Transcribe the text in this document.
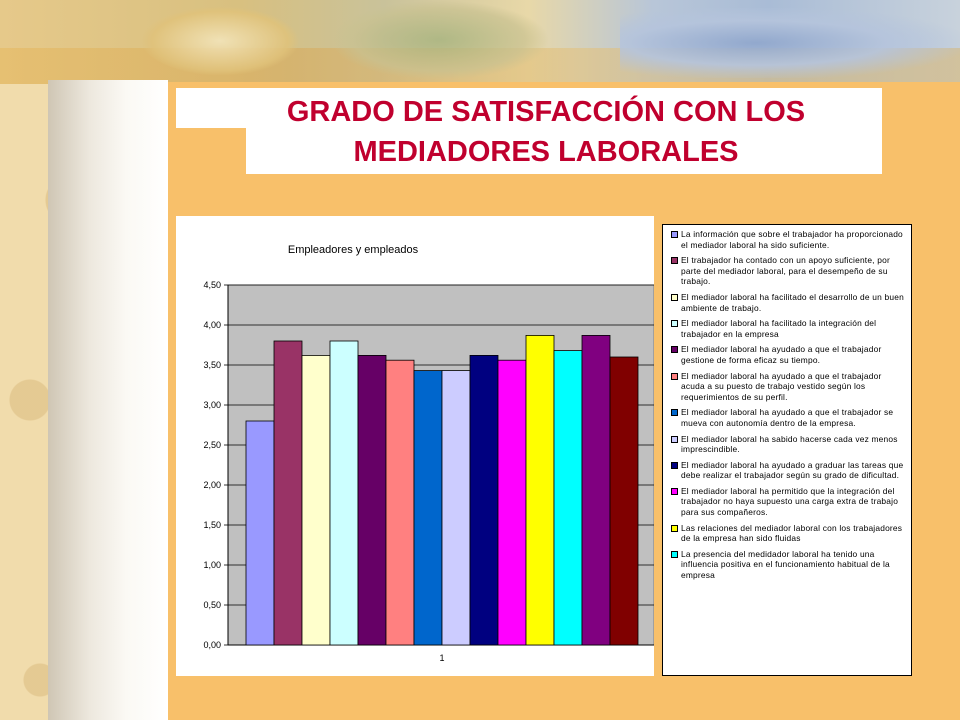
GRADO DE SATISFACCIÓN CON LOS
MEDIADORES LABORALES
Empleadores y empleados
0,00
0,50
1,00
1,50
2,00
2,50
3,00
3,50
4,00
4,50
1
La información que sobre el trabajador ha proporcionado el mediador laboral ha sido suficiente.
El trabajador ha contado con un apoyo suficiente, por parte del mediador laboral, para el desempeño de su trabajo.
El mediador laboral ha facilitado el desarrollo de un buen ambiente de trabajo.
El mediador laboral ha facilitado la integración del trabajador en la empresa
El mediador laboral ha ayudado a que el trabajador gestione de forma eficaz su tiempo.
El mediador laboral ha ayudado a que el trabajador acuda a su puesto de trabajo vestido según los requerimientos de su perfil.
El mediador laboral ha ayudado a que el trabajador se mueva con autonomía dentro de la empresa.
El mediador laboral ha sabido hacerse cada vez menos imprescindible.
El mediador laboral ha ayudado a graduar las tareas que debe realizar el trabajador según su grado de dificultad.
El mediador laboral ha permitido que la integración del trabajador no haya supuesto una carga extra de trabajo para sus compañeros.
Las relaciones del mediador laboral con los trabajadores de la empresa han sido fluidas
La presencia del medidador laboral ha tenido una influencia positiva en el funcionamiento habitual de la empresa
